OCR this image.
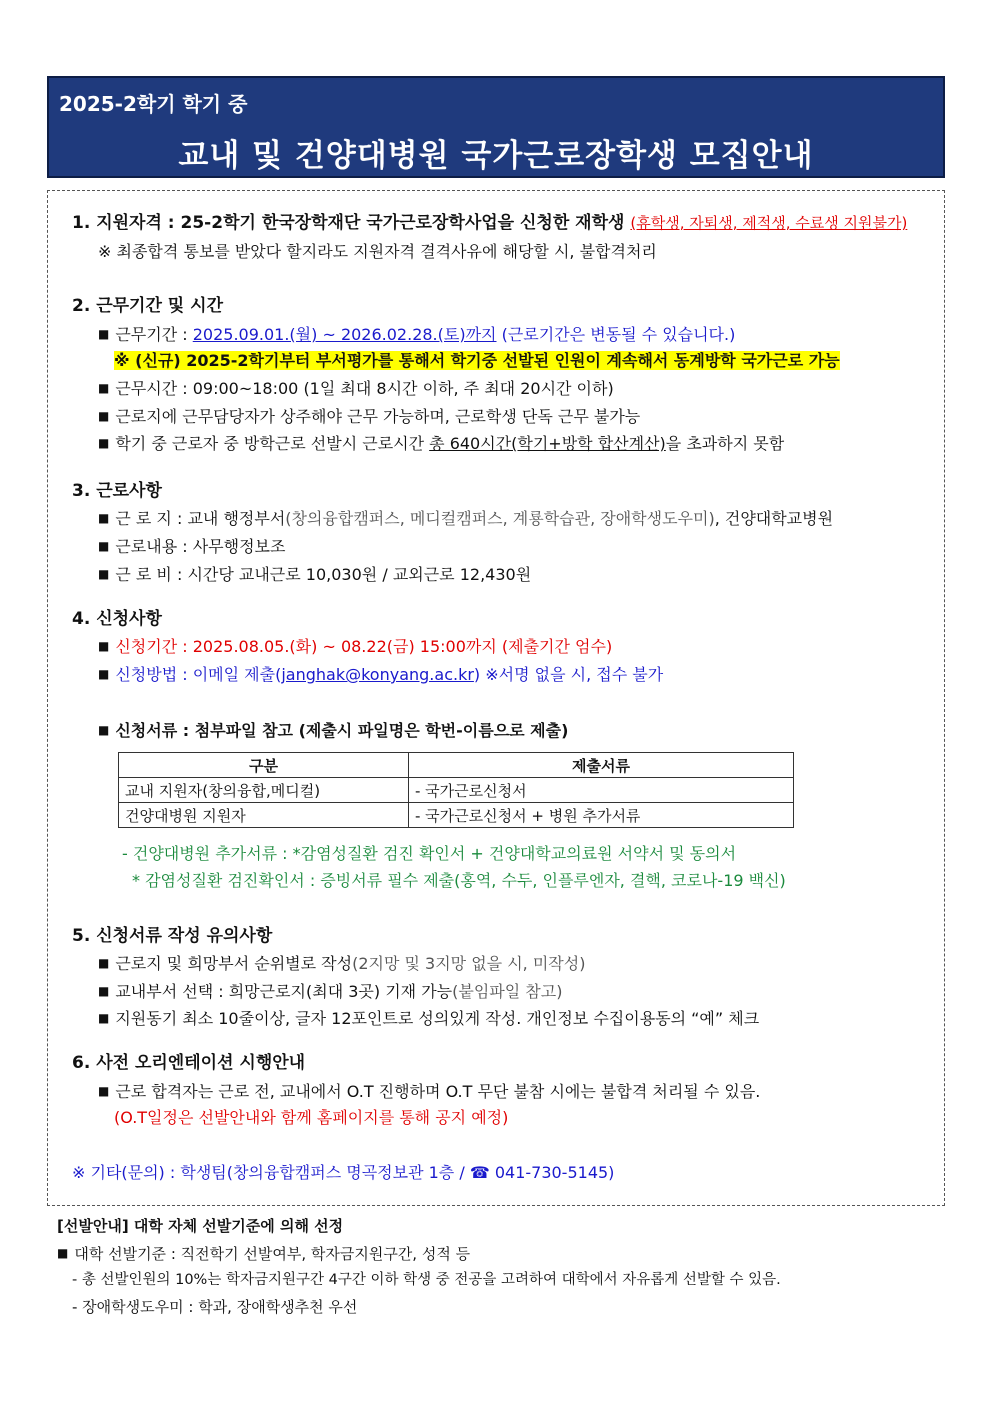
2025-2학기 학기 중
교내 및 건양대병원 국가근로장학생 모집안내
1. 지원자격 : 25-2학기 한국장학재단 국가근로장학사업을 신청한 재학생 (휴학생, 자퇴생, 제적생, 수료생 지원불가)
※ 최종합격 통보를 받았다 할지라도 지원자격 결격사유에 해당할 시, 불합격처리
2. 근무기간 및 시간
■ 근무기간 : 2025.09.01.(월) ~ 2026.02.28.(토)까지 (근로기간은 변동될 수 있습니다.)
※ (신규) 2025-2학기부터 부서평가를 통해서 학기중 선발된 인원이 계속해서 동계방학 국가근로 가능
■ 근무시간 : 09:00~18:00 (1일 최대 8시간 이하, 주 최대 20시간 이하)
■ 근로지에 근무담당자가 상주해야 근무 가능하며, 근로학생 단독 근무 불가능
■ 학기 중 근로자 중 방학근로 선발시 근로시간 총 640시간(학기+방학 합산계산)을 초과하지 못함
3. 근로사항
■ 근 로 지 : 교내 행정부서(창의융합캠퍼스, 메디컬캠퍼스, 계룡학습관, 장애학생도우미), 건양대학교병원
■ 근로내용 : 사무행정보조
■ 근 로 비 : 시간당 교내근로 10,030원 / 교외근로 12,430원
4. 신청사항
■ 신청기간 : 2025.08.05.(화) ~ 08.22(금) 15:00까지 (제출기간 엄수)
■ 신청방법 : 이메일 제출(janghak@konyang.ac.kr) ※서명 없을 시, 접수 불가
■ 신청서류 : 첨부파일 참고 (제출시 파일명은 학번-이름으로 제출)
구분	제출서류
교내 지원자(창의융합,메디컬)	- 국가근로신청서
건양대병원 지원자	- 국가근로신청서 + 병원 추가서류
- 건양대병원 추가서류 : *감염성질환 검진 확인서 + 건양대학교의료원 서약서 및 동의서
* 감염성질환 검진확인서 : 증빙서류 필수 제출(홍역, 수두, 인플루엔자, 결핵, 코로나-19 백신)
5. 신청서류 작성 유의사항
■ 근로지 및 희망부서 순위별로 작성(2지망 및 3지망 없을 시, 미작성)
■ 교내부서 선택 : 희망근로지(최대 3곳) 기재 가능(붙임파일 참고)
■ 지원동기 최소 10줄이상, 글자 12포인트로 성의있게 작성. 개인정보 수집이용동의 “예” 체크
6. 사전 오리엔테이션 시행안내
■ 근로 합격자는 근로 전, 교내에서 O.T 진행하며 O.T 무단 불참 시에는 불합격 처리될 수 있음.
(O.T일정은 선발안내와 함께 홈페이지를 통해 공지 예정)
※ 기타(문의) : 학생팀(창의융합캠퍼스 명곡정보관 1층 / ☎ 041-730-5145)
[선발안내] 대학 자체 선발기준에 의해 선정
■ 대학 선발기준 : 직전학기 선발여부, 학자금지원구간, 성적 등
- 총 선발인원의 10%는 학자금지원구간 4구간 이하 학생 중 전공을 고려하여 대학에서 자유롭게 선발할 수 있음.
- 장애학생도우미 : 학과, 장애학생추천 우선
